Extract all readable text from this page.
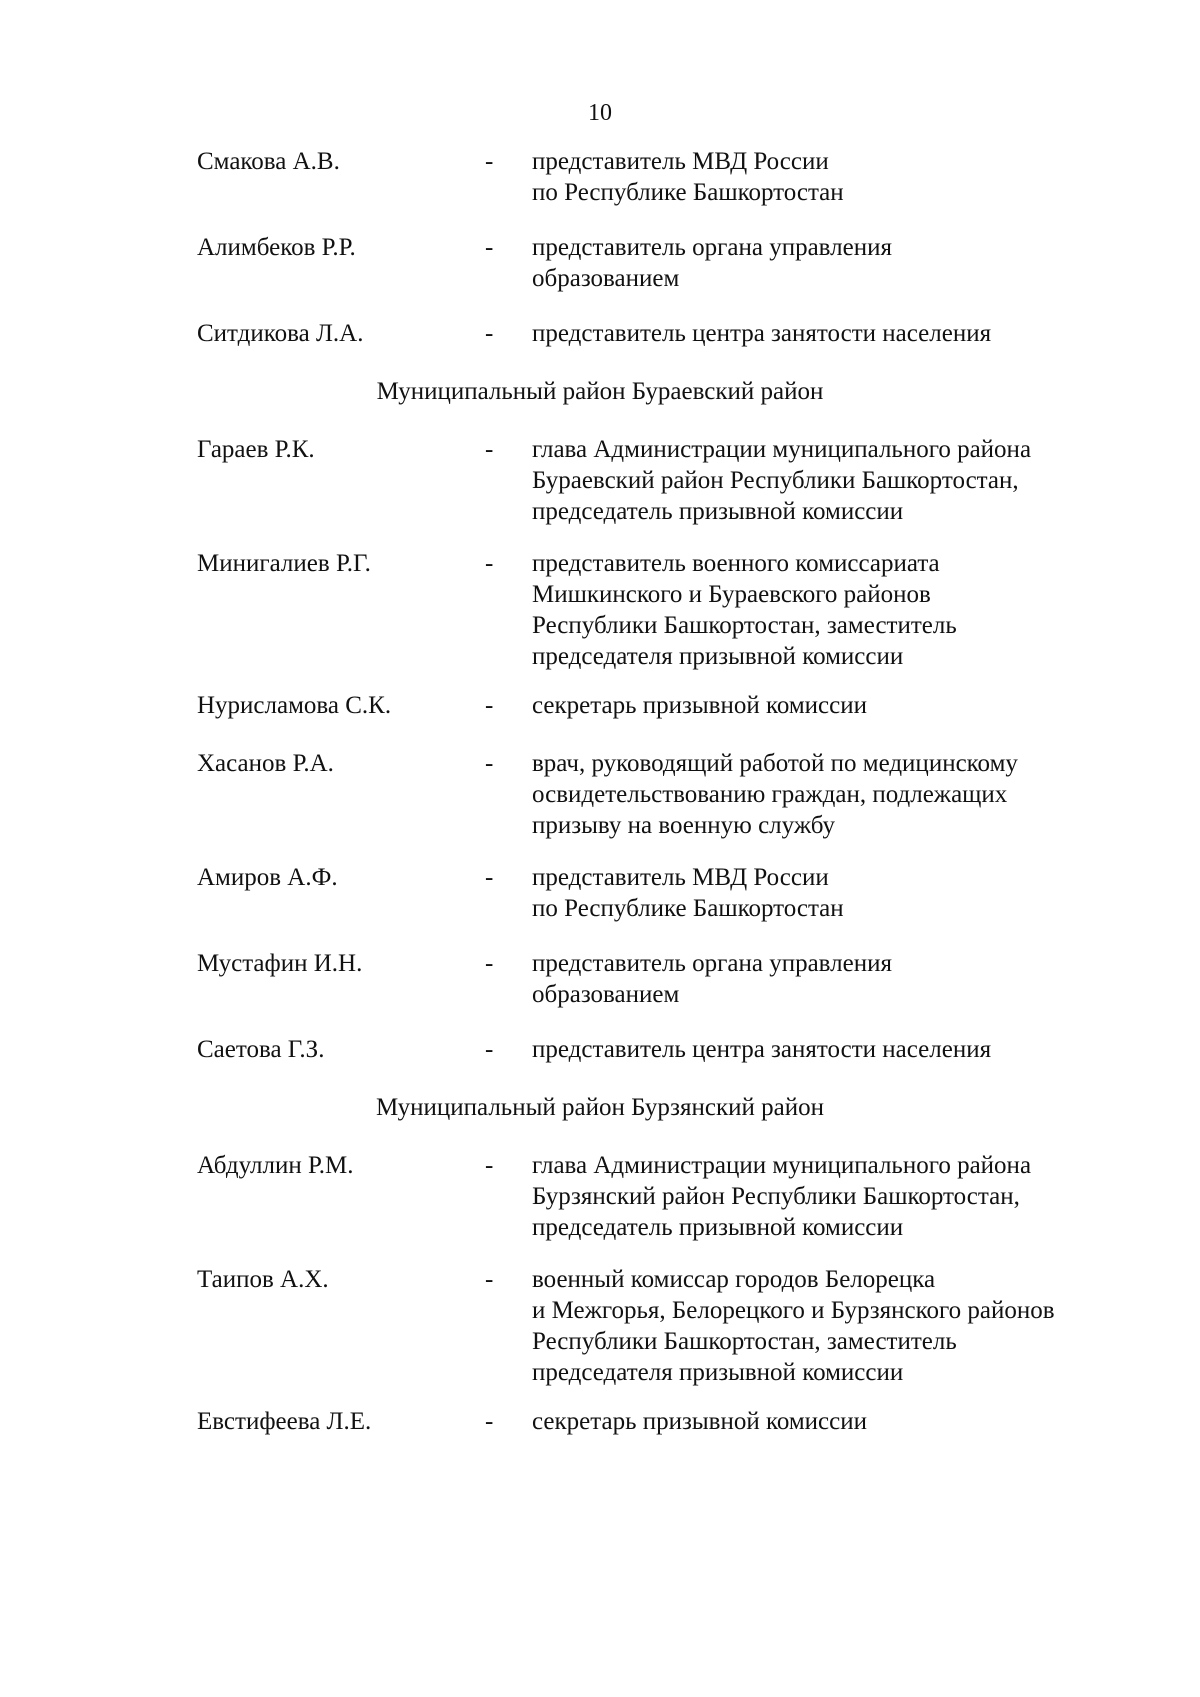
10
Смакова А.В.	- представитель МВД России
по Республике Башкортостан
Алимбеков Р.Р.	- представитель органа управления
образованием
Ситдикова Л.А.	- представитель центра занятости населения
Муниципальный район Бураевский район
Гараев Р.К.	- глава Администрации муниципального района
Бураевский район Республики Башкортостан,
председатель призывной комиссии
Минигалиев Р.Г.	- представитель военного комиссариата
Мишкинского и Бураевского районов
Республики Башкортостан, заместитель
председателя призывной комиссии
Нурисламова С.К.	- секретарь призывной комиссии
Хасанов Р.А.	- врач, руководящий работой по медицинскому
освидетельствованию граждан, подлежащих
призыву на военную службу
Амиров А.Ф.	- представитель МВД России
по Республике Башкортостан
Мустафин И.Н.	- представитель органа управления
образованием
Саетова Г.З.	- представитель центра занятости населения
Муниципальный район Бурзянский район
Абдуллин Р.М.	- глава Администрации муниципального района
Бурзянский район Республики Башкортостан,
председатель призывной комиссии
Таипов А.Х.	- военный комиссар городов Белорецка
и Межгорья, Белорецкого и Бурзянского районов
Республики Башкортостан, заместитель
председателя призывной комиссии
Евстифеева Л.Е.	- секретарь призывной комиссии
